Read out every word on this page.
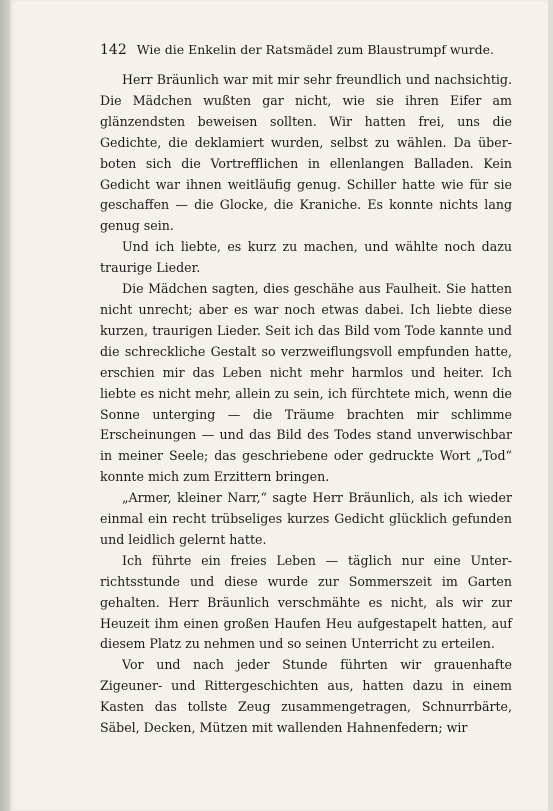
142 Wie die Enkelin der Ratsmädel zum Blaustrumpf wurde.

Herr Bräunlich war mit mir sehr freundlich und nachsichtig. Die Mädchen wußten gar nicht, wie sie ihren Eifer am glänzendsten beweisen sollten. Wir hatten frei, uns die Gedichte, die deklamiert wurden, selbst zu wählen. Da überboten sich die Vortrefflichen in ellenlangen Balladen. Kein Gedicht war ihnen weitläufig genug. Schiller hatte wie für sie geschaffen — die Glocke, die Kraniche. Es konnte nichts lang genug sein.

Und ich liebte, es kurz zu machen, und wählte noch dazu traurige Lieder.

Die Mädchen sagten, dies geschähe aus Faulheit. Sie hatten nicht unrecht; aber es war noch etwas dabei. Ich liebte diese kurzen, traurigen Lieder. Seit ich das Bild vom Tode kannte und die schreckliche Gestalt so verzweiflungsvoll empfunden hatte, erschien mir das Leben nicht mehr harmlos und heiter. Ich liebte es nicht mehr, allein zu sein, ich fürchtete mich, wenn die Sonne unterging — die Träume brachten mir schlimme Erscheinungen — und das Bild des Todes stand unverwischbar in meiner Seele; das geschriebene oder gedruckte Wort „Tod“ konnte mich zum Erzittern bringen.

„Armer, kleiner Narr,“ sagte Herr Bräunlich, als ich wieder einmal ein recht trübseliges kurzes Gedicht glücklich gefunden und leidlich gelernt hatte.

Ich führte ein freies Leben — täglich nur eine Unterrichtsstunde und diese wurde zur Sommerszeit im Garten gehalten. Herr Bräunlich verschmähte es nicht, als wir zur Heuzeit ihm einen großen Haufen Heu aufgestapelt hatten, auf diesem Platz zu nehmen und so seinen Unterricht zu erteilen.

Vor und nach jeder Stunde führten wir grauenhafte Zigeuner- und Rittergeschichten aus, hatten dazu in einem Kasten das tollste Zeug zusammengetragen, Schnurrbärte, Säbel, Decken, Mützen mit wallenden Hahnenfedern; wir
